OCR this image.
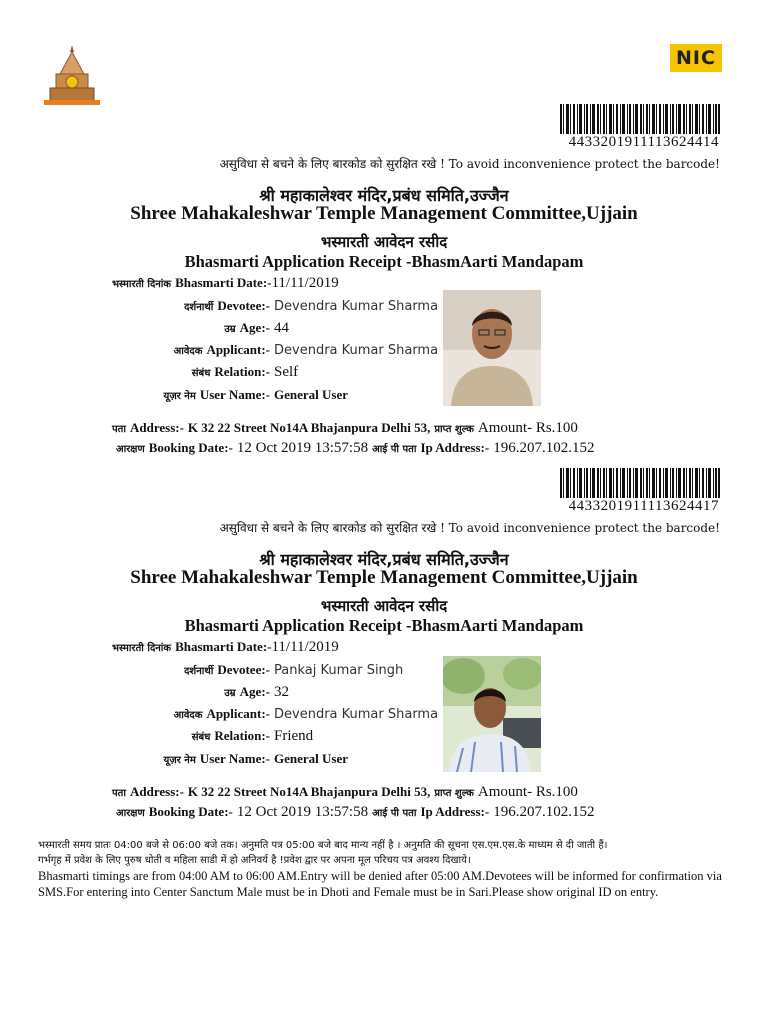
NIC
4433201911113624414
असुविधा से बचने के लिए बारकोड को सुरक्षित रखे ! To avoid inconvenience protect the barcode!
श्री महाकालेश्वर मंदिर,प्रबंध समिति,उज्जैन
Shree Mahakaleshwar Temple Management Committee,Ujjain
भस्मारती आवेदन रसीद
Bhasmarti Application Receipt -BhasmAarti Mandapam
भस्मारती दिनांक Bhasmarti Date:-11/11/2019
दर्शनार्थी Devotee:- Devendra Kumar Sharma
उम्र Age:- 44
आवेदक Applicant:- Devendra Kumar Sharma
संबंध Relation:- Self
यूज़र नेम User Name:- General User
पता Address:- K 32 22 Street No14A Bhajanpura Delhi 53, प्राप्त शुल्क Amount- Rs.100
आरक्षण Booking Date:- 12 Oct 2019 13:57:58 आई पी पता Ip Address:- 196.207.102.152
4433201911113624417
असुविधा से बचने के लिए बारकोड को सुरक्षित रखे ! To avoid inconvenience protect the barcode!
श्री महाकालेश्वर मंदिर,प्रबंध समिति,उज्जैन
Shree Mahakaleshwar Temple Management Committee,Ujjain
भस्मारती आवेदन रसीद
Bhasmarti Application Receipt -BhasmAarti Mandapam
भस्मारती दिनांक Bhasmarti Date:-11/11/2019
दर्शनार्थी Devotee:- Pankaj Kumar Singh
उम्र Age:- 32
आवेदक Applicant:- Devendra Kumar Sharma
संबंध Relation:- Friend
यूज़र नेम User Name:- General User
पता Address:- K 32 22 Street No14A Bhajanpura Delhi 53, प्राप्त शुल्क Amount- Rs.100
आरक्षण Booking Date:- 12 Oct 2019 13:57:58 आई पी पता Ip Address:- 196.207.102.152
भस्मारती समय प्रातः 04:00 बजे से 06:00 बजे तक। अनुमति पत्र 05:00 बजे बाद मान्य नहीं है । अनुमति की सूचना एस.एम.एस.के माध्यम से दी जाती हैं।
गर्भगृह में प्रवेश के लिए पुरुष धोती व महिला साडी में हो अनिवर्य है !प्रवेश द्वार पर अपना मूल परिचय पत्र अवश्य दिखाये।
Bhasmarti timings are from 04:00 AM to 06:00 AM.Entry will be denied after 05:00 AM.Devotees will be informed for confirmation via SMS.For entering into Center Sanctum Male must be in Dhoti and Female must be in Sari.Please show original ID on entry.
